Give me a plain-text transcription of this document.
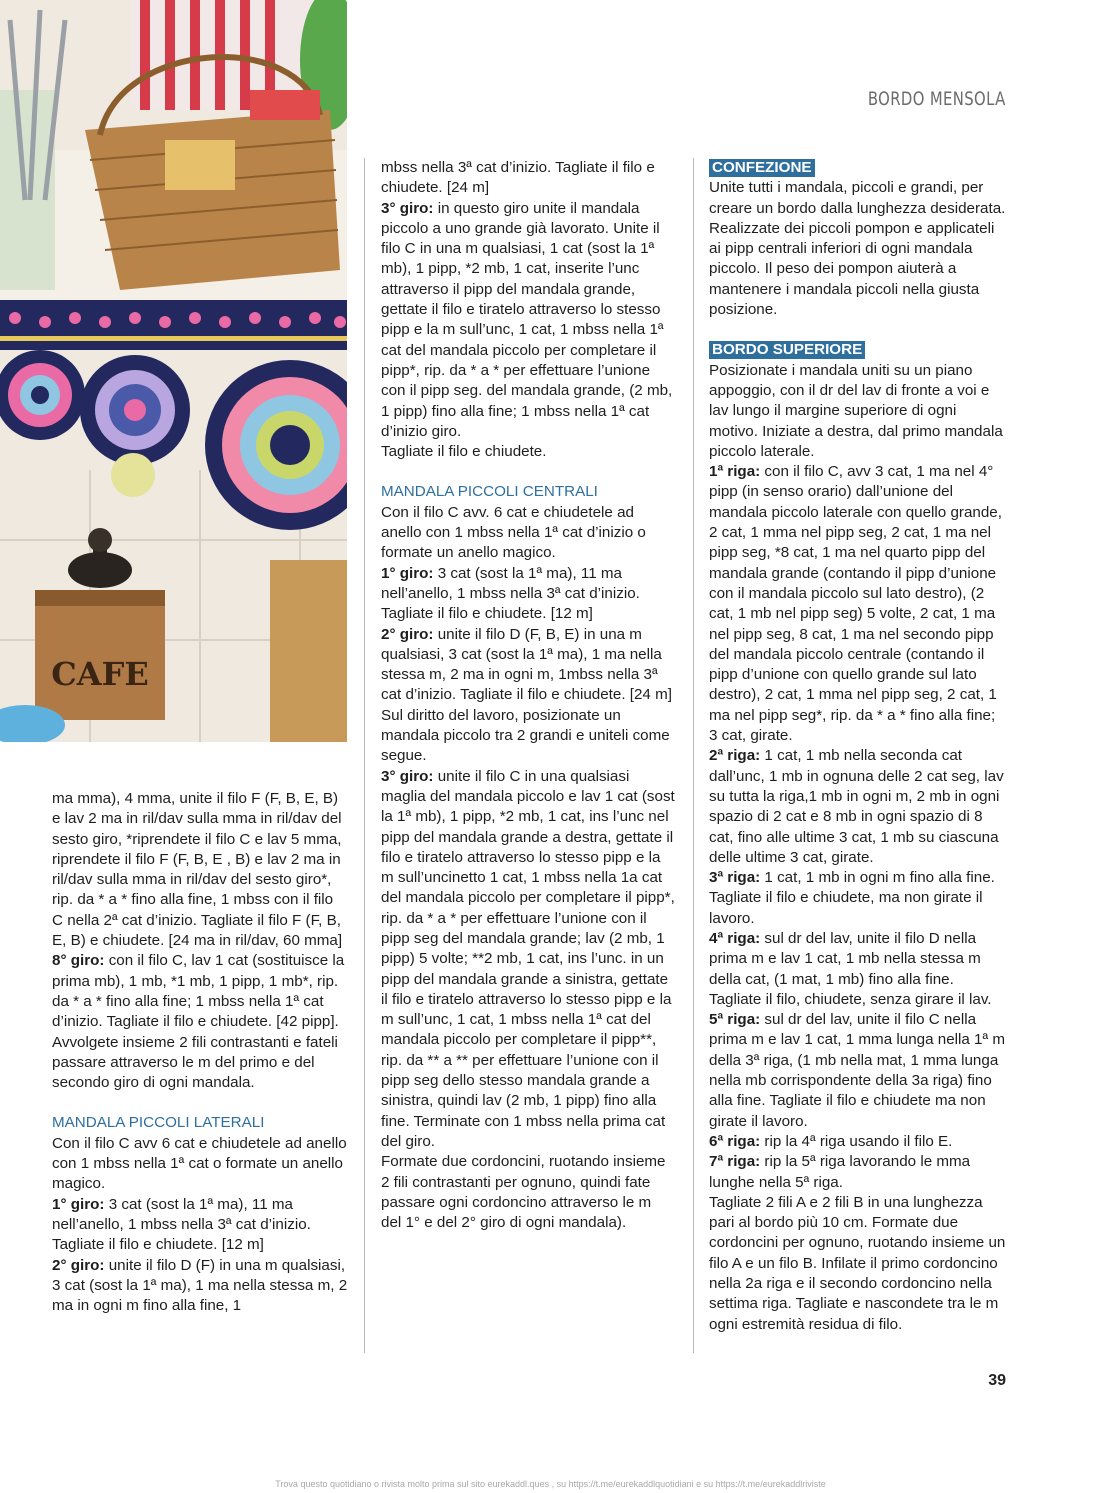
CAFE
BORDO MENSOLA

ma mma), 4 mma, unite il filo F (F, B, E, B) e lav 2 ma in ril/dav sulla mma in ril/dav del sesto giro, *riprendete il filo C e lav 5 mma, riprendete il filo F (F, B, E , B) e lav 2 ma in ril/dav sulla mma in ril/dav del sesto giro*, rip. da * a * fino alla fine, 1 mbss con il filo C nella 2ª cat d’inizio. Tagliate il filo F (F, B, E, B) e chiudete. [24 ma in ril/dav, 60 mma]

8° giro: con il filo C, lav 1 cat (sostituisce la prima mb), 1 mb, *1 mb, 1 pipp, 1 mb*, rip. da * a * fino alla fine; 1 mbss nella 1ª cat d’inizio. Tagliate il filo e chiudete. [42 pipp].

Avvolgete insieme 2 fili contrastanti e fateli passare attraverso le m del primo e del secondo giro di ogni mandala.

MANDALA PICCOLI LATERALI

Con il filo C avv 6 cat e chiudetele ad anello con 1 mbss nella 1ª cat o formate un anello magico.

1° giro: 3 cat (sost la 1ª ma), 11 ma nell’anello, 1 mbss nella 3ª cat d’inizio. Tagliate il filo e chiudete. [12 m]

2° giro: unite il filo D (F) in una m qualsiasi, 3 cat (sost la 1ª ma), 1 ma nella stessa m, 2 ma in ogni m fino alla fine, 1

mbss nella 3ª cat d’inizio. Tagliate il filo e chiudete. [24 m]

3° giro: in questo giro unite il mandala piccolo a uno grande già lavorato. Unite il filo C in una m qualsiasi, 1 cat (sost la 1ª mb), 1 pipp, *2 mb, 1 cat, inserite l’unc attraverso il pipp del mandala grande, gettate il filo e tiratelo attraverso lo stesso pipp e la m sull’unc, 1 cat, 1 mbss nella 1ª cat del mandala piccolo per completare il pipp*, rip. da * a * per effettuare l’unione con il pipp seg. del mandala grande, (2 mb, 1 pipp) fino alla fine; 1 mbss nella 1ª cat d’inizio giro.

Tagliate il filo e chiudete.

MANDALA PICCOLI CENTRALI

Con il filo C avv. 6 cat e chiudetele ad anello con 1 mbss nella 1ª cat d’inizio o formate un anello magico.

1° giro: 3 cat (sost la 1ª ma), 11 ma nell’anello, 1 mbss nella 3ª cat d’inizio. Tagliate il filo e chiudete. [12 m]

2° giro: unite il filo D (F, B, E) in una m qualsiasi, 3 cat (sost la 1ª ma), 1 ma nella stessa m, 2 ma in ogni m, 1mbss nella 3ª cat d’inizio. Tagliate il filo e chiudete. [24 m]

Sul diritto del lavoro, posizionate un mandala piccolo tra 2 grandi e uniteli come segue.

3° giro: unite il filo C in una qualsiasi maglia del mandala piccolo e lav 1 cat (sost la 1ª mb), 1 pipp, *2 mb, 1 cat, ins l’unc nel pipp del mandala grande a destra, gettate il filo e tiratelo attraverso lo stesso pipp e la m sull’uncinetto 1 cat, 1 mbss nella 1a cat del mandala piccolo per completare il pipp*, rip. da * a * per effettuare l’unione con il pipp seg del mandala grande; lav (2 mb, 1 pipp) 5 volte; **2 mb, 1 cat, ins l’unc. in un pipp del mandala grande a sinistra, gettate il filo e tiratelo attraverso lo stesso pipp e la m sull’unc, 1 cat, 1 mbss nella 1ª cat del mandala piccolo per completare il pipp**, rip. da ** a ** per effettuare l’unione con il pipp seg dello stesso mandala grande a sinistra, quindi lav (2 mb, 1 pipp) fino alla fine. Terminate con 1 mbss nella prima cat del giro.

Formate due cordoncini, ruotando insieme 2 fili contrastanti per ognuno, quindi fate passare ogni cordoncino attraverso le m del 1° e del 2° giro di ogni mandala).

CONFEZIONE

Unite tutti i mandala, piccoli e grandi, per creare un bordo dalla lunghezza desiderata. Realizzate dei piccoli pompon e applicateli ai pipp centrali inferiori di ogni mandala piccolo. Il peso dei pompon aiuterà a mantenere i mandala piccoli nella giusta posizione.

BORDO SUPERIORE

Posizionate i mandala uniti su un piano appoggio, con il dr del lav di fronte a voi e lav lungo il margine superiore di ogni motivo. Iniziate a destra, dal primo mandala piccolo laterale.

1ª riga: con il filo C, avv 3 cat, 1 ma nel 4° pipp (in senso orario) dall’unione del mandala piccolo laterale con quello grande, 2 cat, 1 mma nel pipp seg, 2 cat, 1 ma nel pipp seg, *8 cat, 1 ma nel quarto pipp del mandala grande (contando il pipp d’unione con il mandala piccolo sul lato destro), (2 cat, 1 mb nel pipp seg) 5 volte, 2 cat, 1 ma nel pipp seg, 8 cat, 1 ma nel secondo pipp del mandala piccolo centrale (contando il pipp d’unione con quello grande sul lato destro), 2 cat, 1 mma nel pipp seg, 2 cat, 1 ma nel pipp seg*, rip. da * a * fino alla fine; 3 cat, girate.

2ª riga: 1 cat, 1 mb nella seconda cat dall’unc, 1 mb in ognuna delle 2 cat seg, lav su tutta la riga,1 mb in ogni m, 2 mb in ogni spazio di 2 cat e 8 mb in ogni spazio di 8 cat, fino alle ultime 3 cat, 1 mb su ciascuna delle ultime 3 cat, girate.

3ª riga: 1 cat, 1 mb in ogni m fino alla fine. Tagliate il filo e chiudete, ma non girate il lavoro.

4ª riga: sul dr del lav, unite il filo D nella prima m e lav 1 cat, 1 mb nella stessa m della cat, (1 mat, 1 mb) fino alla fine. Tagliate il filo, chiudete, senza girare il lav.

5ª riga: sul dr del lav, unite il filo C nella prima m e lav 1 cat, 1 mma lunga nella 1ª m della 3ª riga, (1 mb nella mat, 1 mma lunga nella mb corrispondente della 3a riga) fino alla fine. Tagliate il filo e chiudete ma non girate il lavoro.

6ª riga: rip la 4ª riga usando il filo E.

7ª riga: rip la 5ª riga lavorando le mma lunghe nella 5ª riga.

Tagliate 2 fili A e 2 fili B in una lunghezza pari al bordo più 10 cm. Formate due cordoncini per ognuno, ruotando insieme un filo A e un filo B. Infilate il primo cordoncino nella 2a riga e il secondo cordoncino nella settima riga. Tagliate e nascondete tra le m ogni estremità residua di filo.

39
Trova questo quotidiano o rivista molto prima sul sito eurekaddl.ques , su https://t.me/eurekaddlquotidiani e su https://t.me/eurekaddlriviste
